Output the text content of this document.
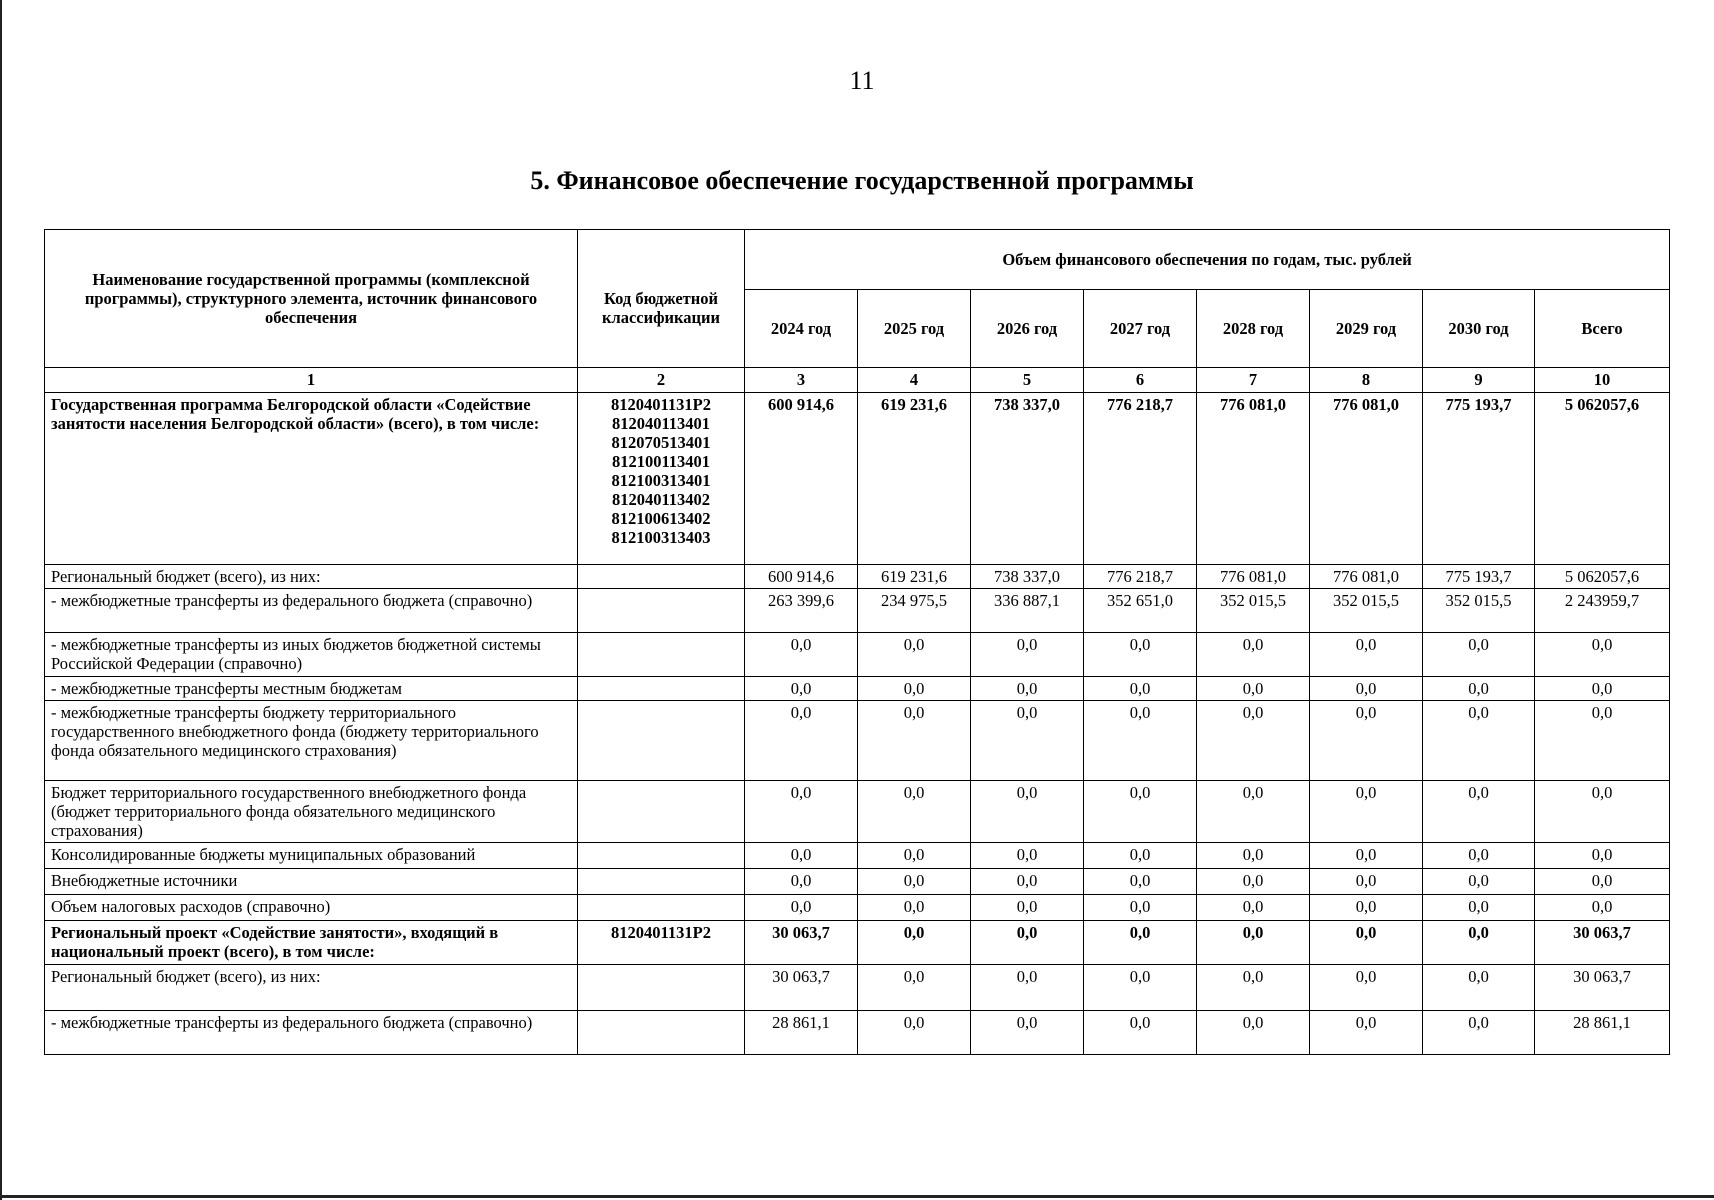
11
5. Финансовое обеспечение государственной программы
Наименование государственной программы (комплексной программы), структурного элемента, источник финансового обеспечения	Код бюджетной классификации	Объем финансового обеспечения по годам, тыс. рублей							
		2024 год	2025 год	2026 год	2027 год	2028 год	2029 год	2030 год	Всего
1	2	3	4	5	6	7	8	9	10
Государственная программа Белгородской области «Содействие занятости населения Белгородской области» (всего), в том числе:	8120401131Р2 812040113401 812070513401 812100113401 812100313401 812040113402 812100613402 812100313403	600 914,6	619 231,6	738 337,0	776 218,7	776 081,0	776 081,0	775 193,7	5 062057,6
Региональный бюджет (всего), из них:		600 914,6	619 231,6	738 337,0	776 218,7	776 081,0	776 081,0	775 193,7	5 062057,6
- межбюджетные трансферты из федерального бюджета (справочно)		263 399,6	234 975,5	336 887,1	352 651,0	352 015,5	352 015,5	352 015,5	2 243959,7
- межбюджетные трансферты из иных бюджетов бюджетной системы Российской Федерации (справочно)		0,0	0,0	0,0	0,0	0,0	0,0	0,0	0,0
- межбюджетные трансферты местным бюджетам		0,0	0,0	0,0	0,0	0,0	0,0	0,0	0,0
- межбюджетные трансферты бюджету территориального государственного внебюджетного фонда (бюджету территориального фонда обязательного медицинского страхования)		0,0	0,0	0,0	0,0	0,0	0,0	0,0	0,0
Бюджет территориального государственного внебюджетного фонда (бюджет территориального фонда обязательного медицинского страхования)		0,0	0,0	0,0	0,0	0,0	0,0	0,0	0,0
Консолидированные бюджеты муниципальных образований		0,0	0,0	0,0	0,0	0,0	0,0	0,0	0,0
Внебюджетные источники		0,0	0,0	0,0	0,0	0,0	0,0	0,0	0,0
Объем налоговых расходов (справочно)		0,0	0,0	0,0	0,0	0,0	0,0	0,0	0,0
Региональный проект «Содействие занятости», входящий в национальный проект (всего), в том числе:	8120401131Р2	30 063,7	0,0	0,0	0,0	0,0	0,0	0,0	30 063,7
Региональный бюджет (всего), из них:		30 063,7	0,0	0,0	0,0	0,0	0,0	0,0	30 063,7
- межбюджетные трансферты из федерального бюджета (справочно)		28 861,1	0,0	0,0	0,0	0,0	0,0	0,0	28 861,1
